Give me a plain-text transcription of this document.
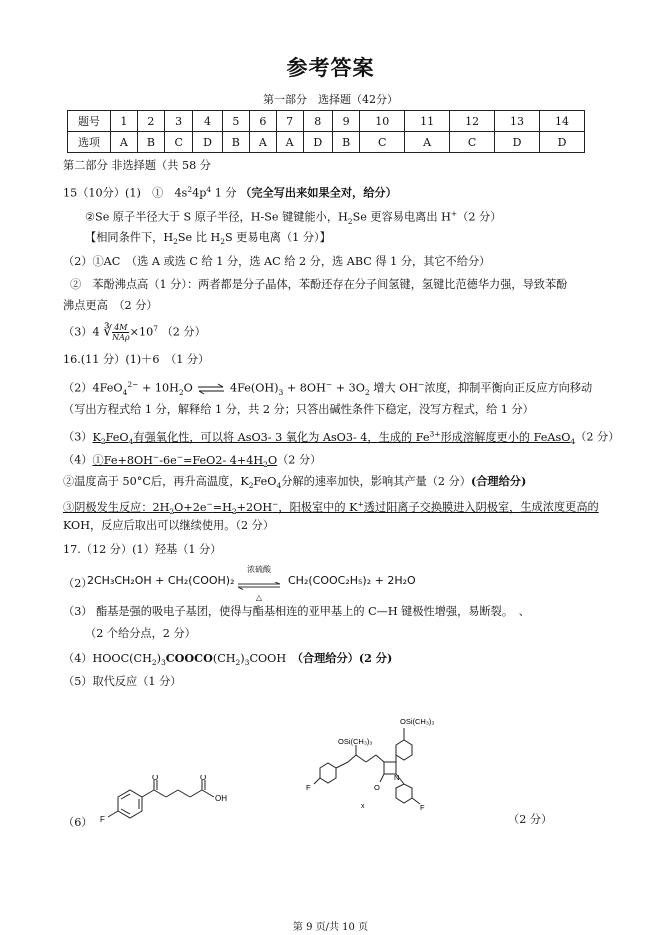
参考答案
第一部分　选择题（42分）
题号	1	2	3	4	5	6	7	8	9	10	11	12	13	14
选项	A	B	C	D	B	A	A	D	B	C	A	C	D	D
第二部分 非选择题（共 58 分
15（10分）(1)　①　$4s^24p^4$ 1 分 （完全写出来如果全对，给分）
②Se 原子半径大于 S 原子半径，H-Se 键键能小，$H_2Se$ 更容易电离出 H+（2 分）
【相同条件下，$H_2Se$ 比 $H_2S$ 更易电离（1 分）】
（2）①AC　（选 A 或选 C 给 1 分，选 AC 给 2 分，选 ABC 得 1 分，其它不给分）
②　苯酚沸点高（1 分）：两者都是分子晶体，苯酚还存在分子间氢键，氢键比范德华力强，导致苯酚
沸点更高　（2 分）
（3）4 ∛ $\frac{4M}{\text{NAρ}} \times 10^7$ （2 分）
16.(11 分）(1)＋6　（1 分）
$(2)4FeO_4^{2-} + 10H_2O$ ⇌ $4Fe(OH)_3 + 8OH^- + 3O_2$ 增大 OH−浓度，抑制平衡向正反应方向移动
（写出方程式给 1 分，解释给 1 分，共 2 分；只答出碱性条件下稳定，没写方程式，给 1 分）
$(3)K_2FeO_4$有强氧化性，可以将 AsO3- 3 氧化为 AsO3- 4，生成的 $Fe^{3+}$形成溶解度更小的 FeAsO$_4$（2 分）
（4）①Fe+8OH−-6e−=FeO2- $4+4H_2O(2$ 分）
②温度高于 50°C后，再升高温度，$K_2FeO_4$分解的速率加快，影响其产量（2 分）(合理给分)
③阴极发生反应：$2H_2O+2e^-=H_2+2OH^-$，阳极室中的 K+透过阳离子交换膜进入阴极室，生成浓度更高的
KOH，反应后取出可以继续使用。（2 分）
17.（12 分）(1）羟基（1 分）
（2）
2CH₃CH₂OH + CH₂(COOH)₂
浓硫酸
△
CH₂(COOC₂H₅)₂ + 2H₂O
（3） 酯基是强的吸电子基团，使得与酯基相连的亚甲基上的 C—H 键极性增强，易断裂。　、
（2 个给分点，2 分）
$(4)HOOC(CH_2)_3COOCO(CH_2)_3COOH$　（合理给分）(2 分)
（5）取代反应（1 分）
O	O
OH
F
OSi(CH₃)₃
OSi(CH₃)₃
F
F
N
O
x
（6）	（2 分）
第 9 页/共 10 页
